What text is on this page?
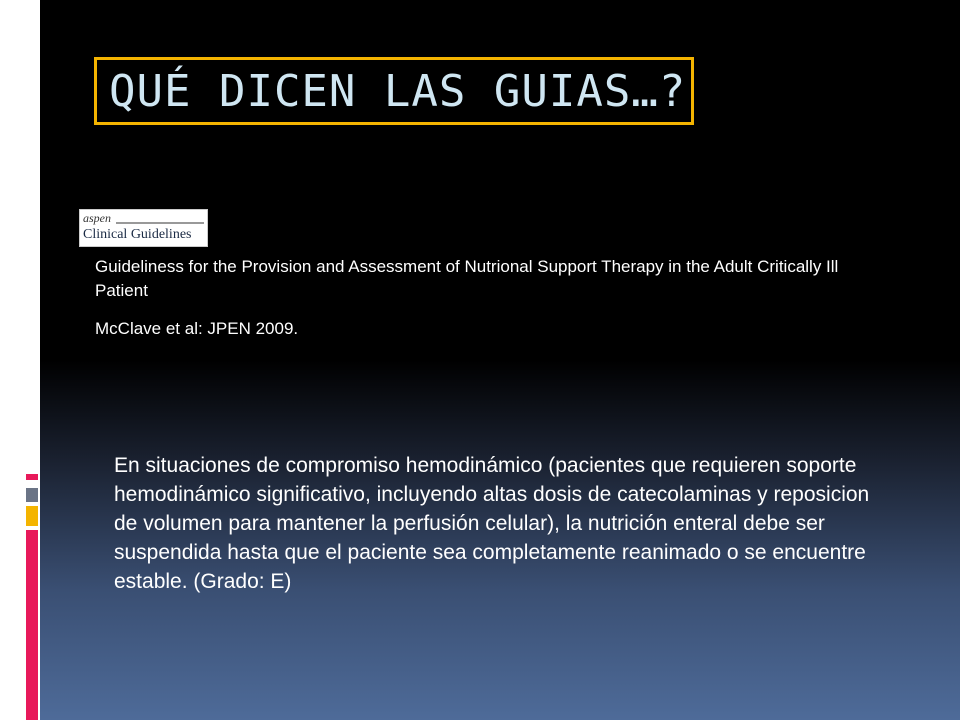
QUÉ DICEN LAS GUIAS…?
aspen
Clinical Guidelines
Guideliness for the Provision and Assessment of Nutrional Support Therapy in the Adult Critically Ill Patient
McClave et al: JPEN 2009.
En situaciones de compromiso hemodinámico (pacientes que requieren soporte hemodinámico significativo, incluyendo altas dosis de catecolaminas y reposicion de volumen para mantener la perfusión celular), la nutrición enteral debe ser suspendida hasta que el paciente sea completamente reanimado o se encuentre estable. (Grado: E)
